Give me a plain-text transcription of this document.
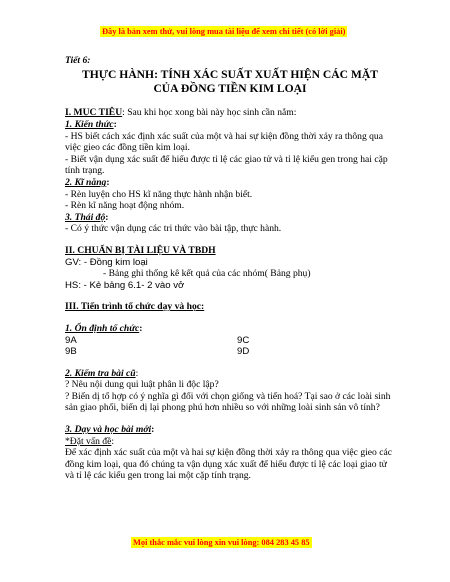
Đây là bản xem thử, vui lòng mua tài liệu để xem chi tiết (có lời giải)

Tiết 6:

THỰC HÀNH: TÍNH XÁC SUẤT XUẤT HIỆN CÁC MẶT

CỦA ĐỒNG TIỀN KIM LOẠI

I. MỤC TIÊU: Sau khi học xong bài này học sinh cần nắm:

1. Kiến thức:

- HS biết cách xác định xác suất của một và hai sự kiện đồng thời xảy ra thông qua việc gieo các đồng tiền kim loại.

- Biết vận dụng xác suất để hiểu được tỉ lệ các giao tử và tỉ lệ kiểu gen trong hai cặp tính trạng.

2. Kĩ năng:

- Rèn luyện cho HS kĩ năng thực hành nhận biết.

- Rèn kĩ năng hoạt động nhóm.

3. Thái độ:

- Có ý thức vận dụng các tri thức vào bài tập, thực hành.

II. CHUẨN BỊ TÀI LIỆU VÀ TBDH

GV: - Đồng kim loại

- Bảng ghi thống kê kết quả của các nhóm( Bảng phụ)

HS: - Kẻ bảng 6.1- 2 vào vở

III. Tiến trình tổ chức dạy và học:

1. Ổn định tổ chức:

9A	9C
9B	9D

2. Kiểm tra bài cũ:

? Nêu nội dung qui luật phân li độc lập?

? Biến dị tổ hợp có ý nghĩa gì đối với chọn giống và tiến hoá? Tại sao ở các loài sinh sản giao phối, biến dị lại phong phú hơn nhiều so với những loài sinh sản vô tính?

3. Dạy và học bài mới:

*Đặt vấn đề:

Để xác định xác suất của một và hai sự kiện đồng thời xảy ra thông qua việc gieo các đồng kim loại, qua đó chúng ta vận dụng xác xuất để hiểu được tỉ lệ các loại giao tử và tỉ lệ các kiểu gen trong lai một cặp tính trạng.

Mọi thắc mắc vui lòng xin vui lòng: 084 283 45 85
